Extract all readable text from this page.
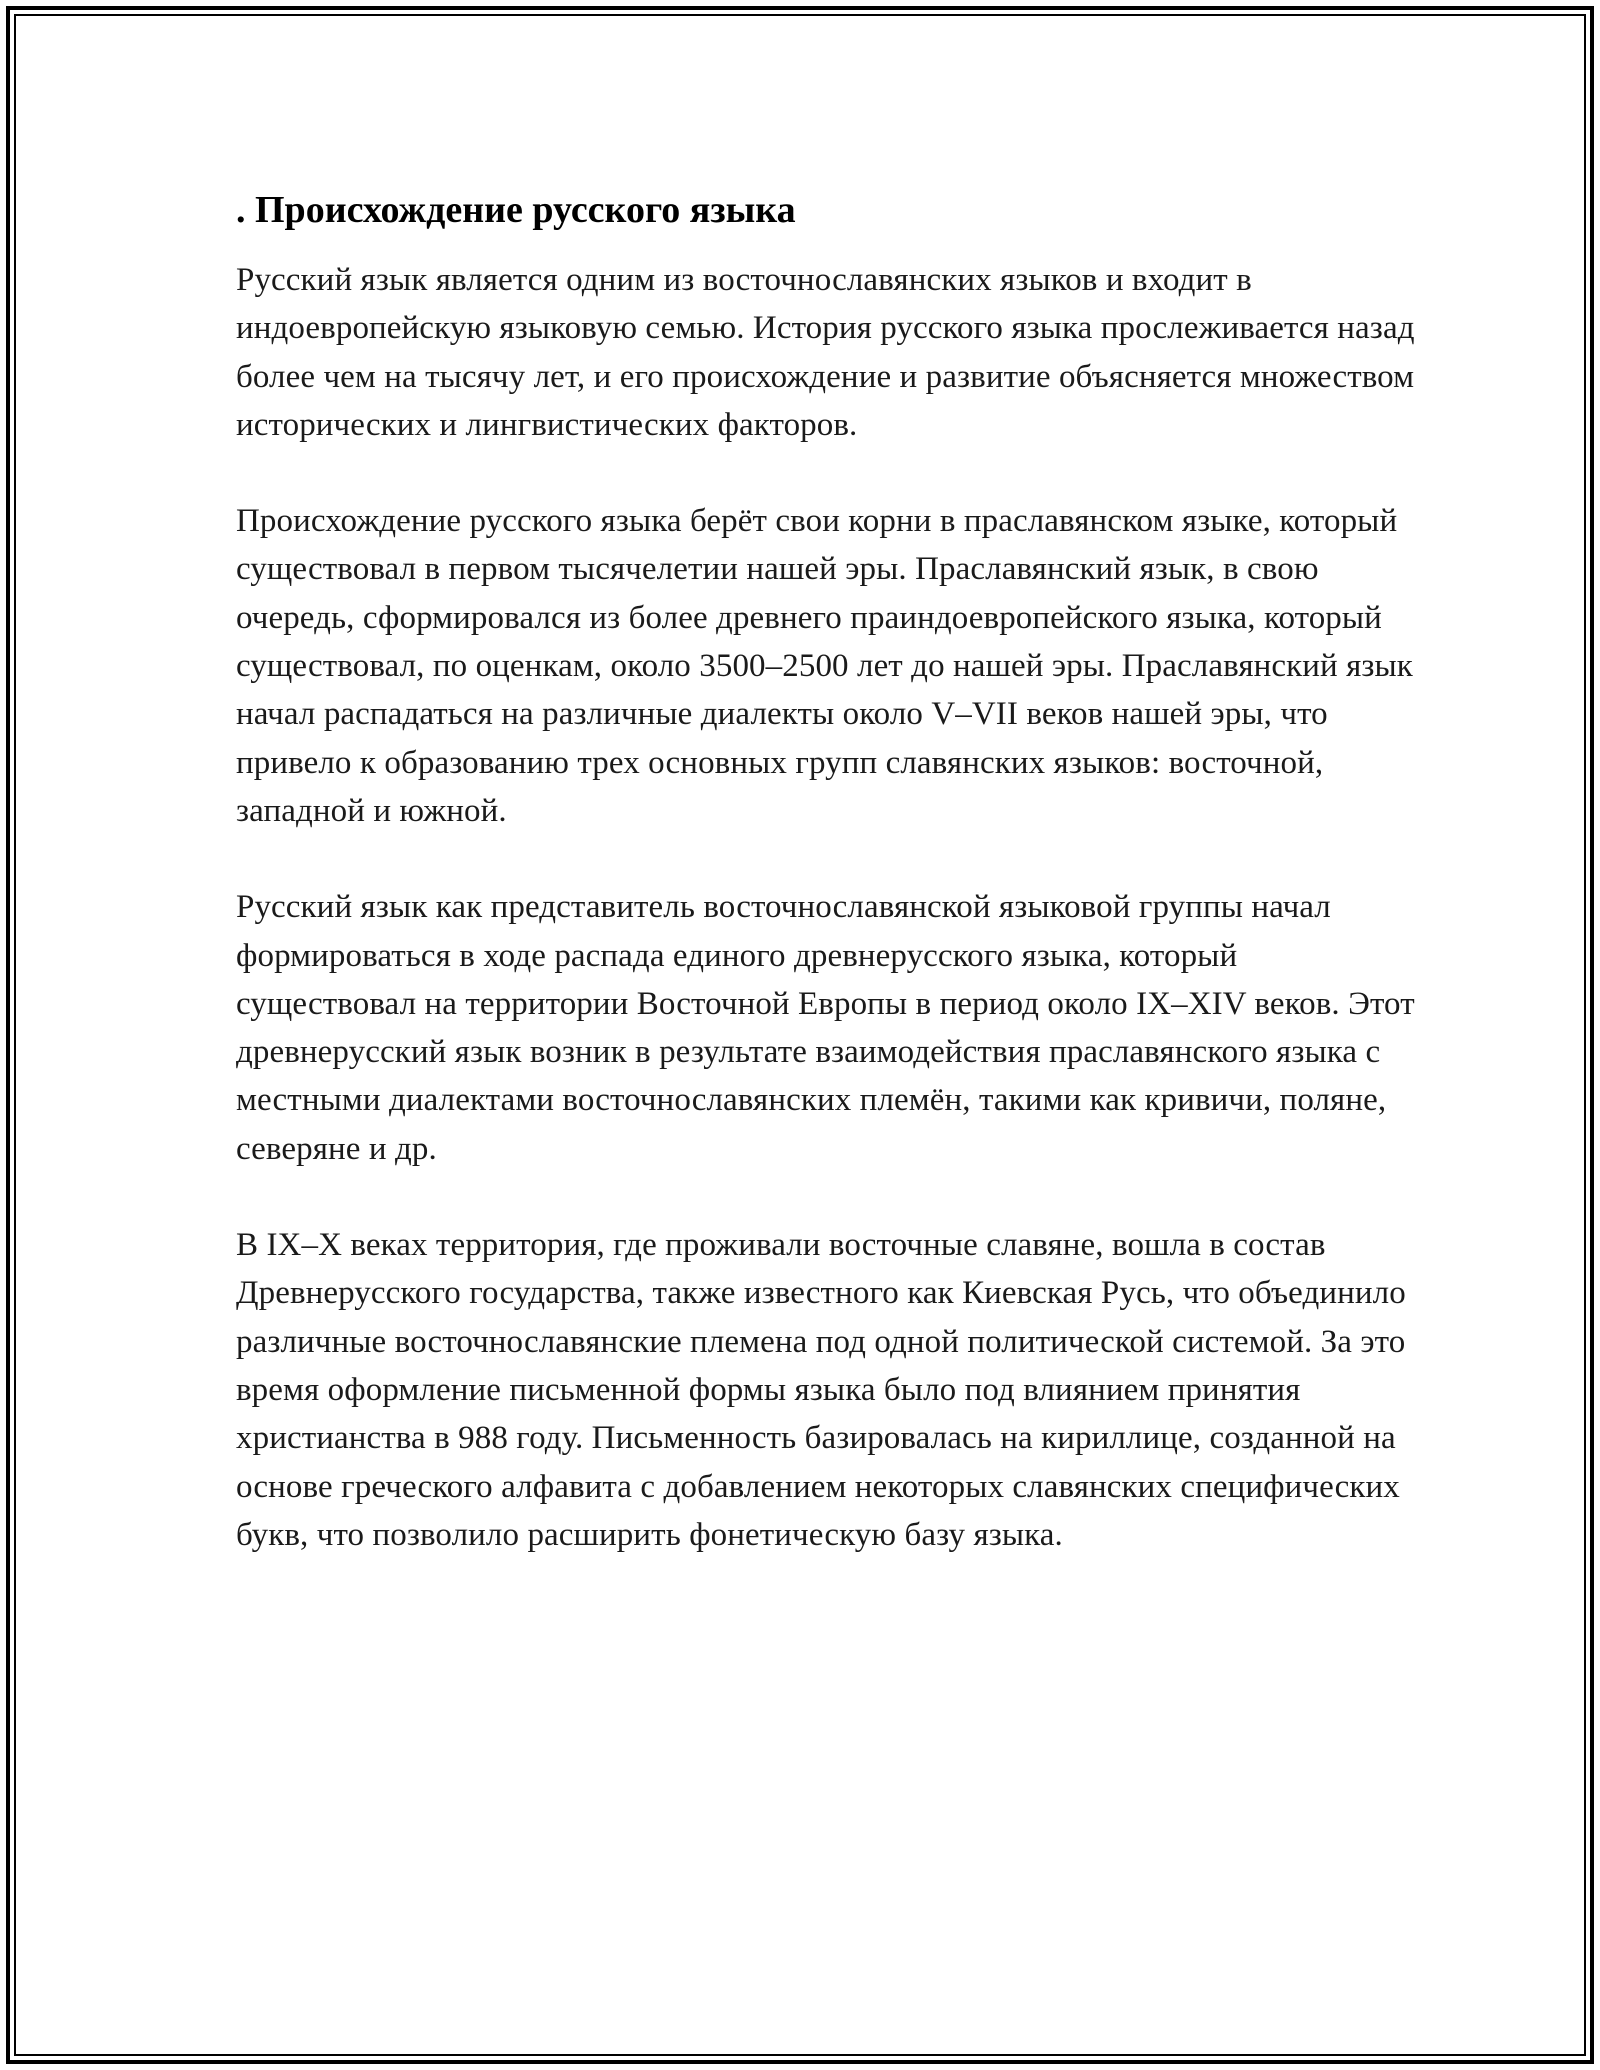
. Происхождение русского языка

Русский язык является одним из восточнославянских языков и входит в индоевропейскую языковую семью. История русского языка прослеживается назад более чем на тысячу лет, и его происхождение и развитие объясняется множеством исторических и лингвистических факторов.

Происхождение русского языка берёт свои корни в праславянском языке, который существовал в первом тысячелетии нашей эры. Праславянский язык, в свою очередь, сформировался из более древнего праиндоевропейского языка, который существовал, по оценкам, около 3500–2500 лет до нашей эры. Праславянский язык начал распадаться на различные диалекты около V–VII веков нашей эры, что привело к образованию трех основных групп славянских языков: восточной, западной и южной.

Русский язык как представитель восточнославянской языковой группы начал формироваться в ходе распада единого древнерусского языка, который существовал на территории Восточной Европы в период около IX–XIV веков. Этот древнерусский язык возник в результате взаимодействия праславянского языка с местными диалектами восточнославянских племён, такими как кривичи, поляне, северяне и др.

В IX–X веках территория, где проживали восточные славяне, вошла в состав Древнерусского государства, также известного как Киевская Русь, что объединило различные восточнославянские племена под одной политической системой. За это время оформление письменной формы языка было под влиянием принятия христианства в 988 году. Письменность базировалась на кириллице, созданной на основе греческого алфавита с добавлением некоторых славянских специфических букв, что позволило расширить фонетическую базу языка.
